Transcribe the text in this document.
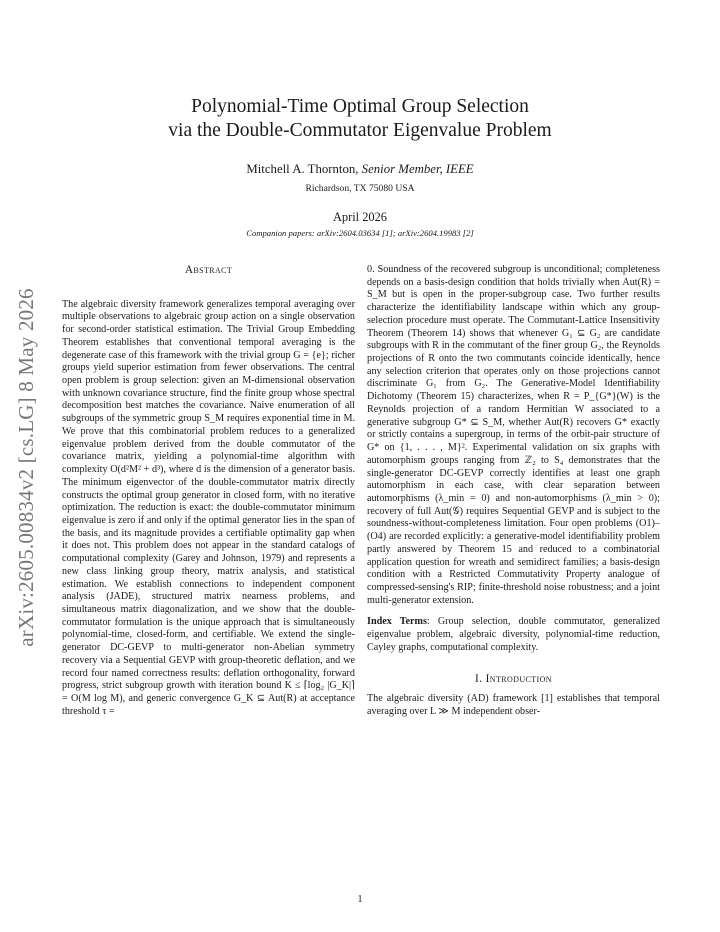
arXiv:2605.00834v2 [cs.LG] 8 May 2026
Polynomial-Time Optimal Group Selection
via the Double-Commutator Eigenvalue Problem
Mitchell A. Thornton, Senior Member, IEEE
Richardson, TX 75080 USA
April 2026
Companion papers: arXiv:2604.03634 [1]; arXiv:2604.19983 [2]
Abstract

The algebraic diversity framework generalizes temporal averaging over multiple observations to algebraic group action on a single observation for second-order statistical estimation. The Trivial Group Embedding Theorem establishes that conventional temporal averaging is the degenerate case of this framework with the trivial group G = {e}; richer groups yield superior estimation from fewer observations. The central open problem is group selection: given an M-dimensional observation with unknown covariance structure, find the finite group whose spectral decomposition best matches the covariance. Naive enumeration of all subgroups of the symmetric group S_M requires exponential time in M. We prove that this combinatorial problem reduces to a generalized eigenvalue problem derived from the double commutator of the covariance matrix, yielding a polynomial-time algorithm with complexity O(d²M² + d³), where d is the dimension of a generator basis. The minimum eigenvector of the double-commutator matrix directly constructs the optimal group generator in closed form, with no iterative optimization. The reduction is exact: the double-commutator minimum eigenvalue is zero if and only if the optimal generator lies in the span of the basis, and its magnitude provides a certifiable optimality gap when it does not. This problem does not appear in the standard catalogs of computational complexity (Garey and Johnson, 1979) and represents a new class linking group theory, matrix analysis, and statistical estimation. We establish connections to independent component analysis (JADE), structured matrix nearness problems, and simultaneous matrix diagonalization, and we show that the double-commutator formulation is the unique approach that is simultaneously polynomial-time, closed-form, and certifiable. We extend the single-generator DC-GEVP to multi-generator non-Abelian symmetry recovery via a Sequential GEVP with group-theoretic deflation, and we record four named correctness results: deflation orthogonality, forward progress, strict subgroup growth with iteration bound K ≤ ⌈log₂ |G_K|⌉ = O(M log M), and generic convergence G_K ⊆ Aut(R) at acceptance threshold τ =

0. Soundness of the recovered subgroup is unconditional; completeness depends on a basis-design condition that holds trivially when Aut(R) = S_M but is open in the proper-subgroup case. Two further results characterize the identifiability landscape within which any group-selection procedure must operate. The Commutant-Lattice Insensitivity Theorem (Theorem 14) shows that whenever G₁ ⊆ G₂ are candidate subgroups with R in the commutant of the finer group G₂, the Reynolds projections of R onto the two commutants coincide identically, hence any selection criterion that operates only on those projections cannot discriminate G₁ from G₂. The Generative-Model Identifiability Dichotomy (Theorem 15) characterizes, when R = P_{G*}(W) is the Reynolds projection of a random Hermitian W associated to a generative subgroup G* ⊆ S_M, whether Aut(R) recovers G* exactly or strictly contains a supergroup, in terms of the orbit-pair structure of G* on {1, . . . , M}². Experimental validation on six graphs with automorphism groups ranging from ℤ₂ to S₄ demonstrates that the single-generator DC-GEVP correctly identifies at least one graph automorphism in each case, with clear separation between automorphisms (λ_min = 0) and non-automorphisms (λ_min > 0); recovery of full Aut(𝒢) requires Sequential GEVP and is subject to the soundness-without-completeness limitation. Four open problems (O1)–(O4) are recorded explicitly: a generative-model identifiability problem partly answered by Theorem 15 and reduced to a combinatorial application question for wreath and semidirect families; a basis-design condition with a Restricted Commutativity Property analogue of compressed-sensing's RIP; finite-threshold noise robustness; and a joint multi-generator extension.

Index Terms: Group selection, double commutator, generalized eigenvalue problem, algebraic diversity, polynomial-time reduction, Cayley graphs, computational complexity.

I. Introduction

The algebraic diversity (AD) framework [1] establishes that temporal averaging over L ≫ M independent obser-

1
